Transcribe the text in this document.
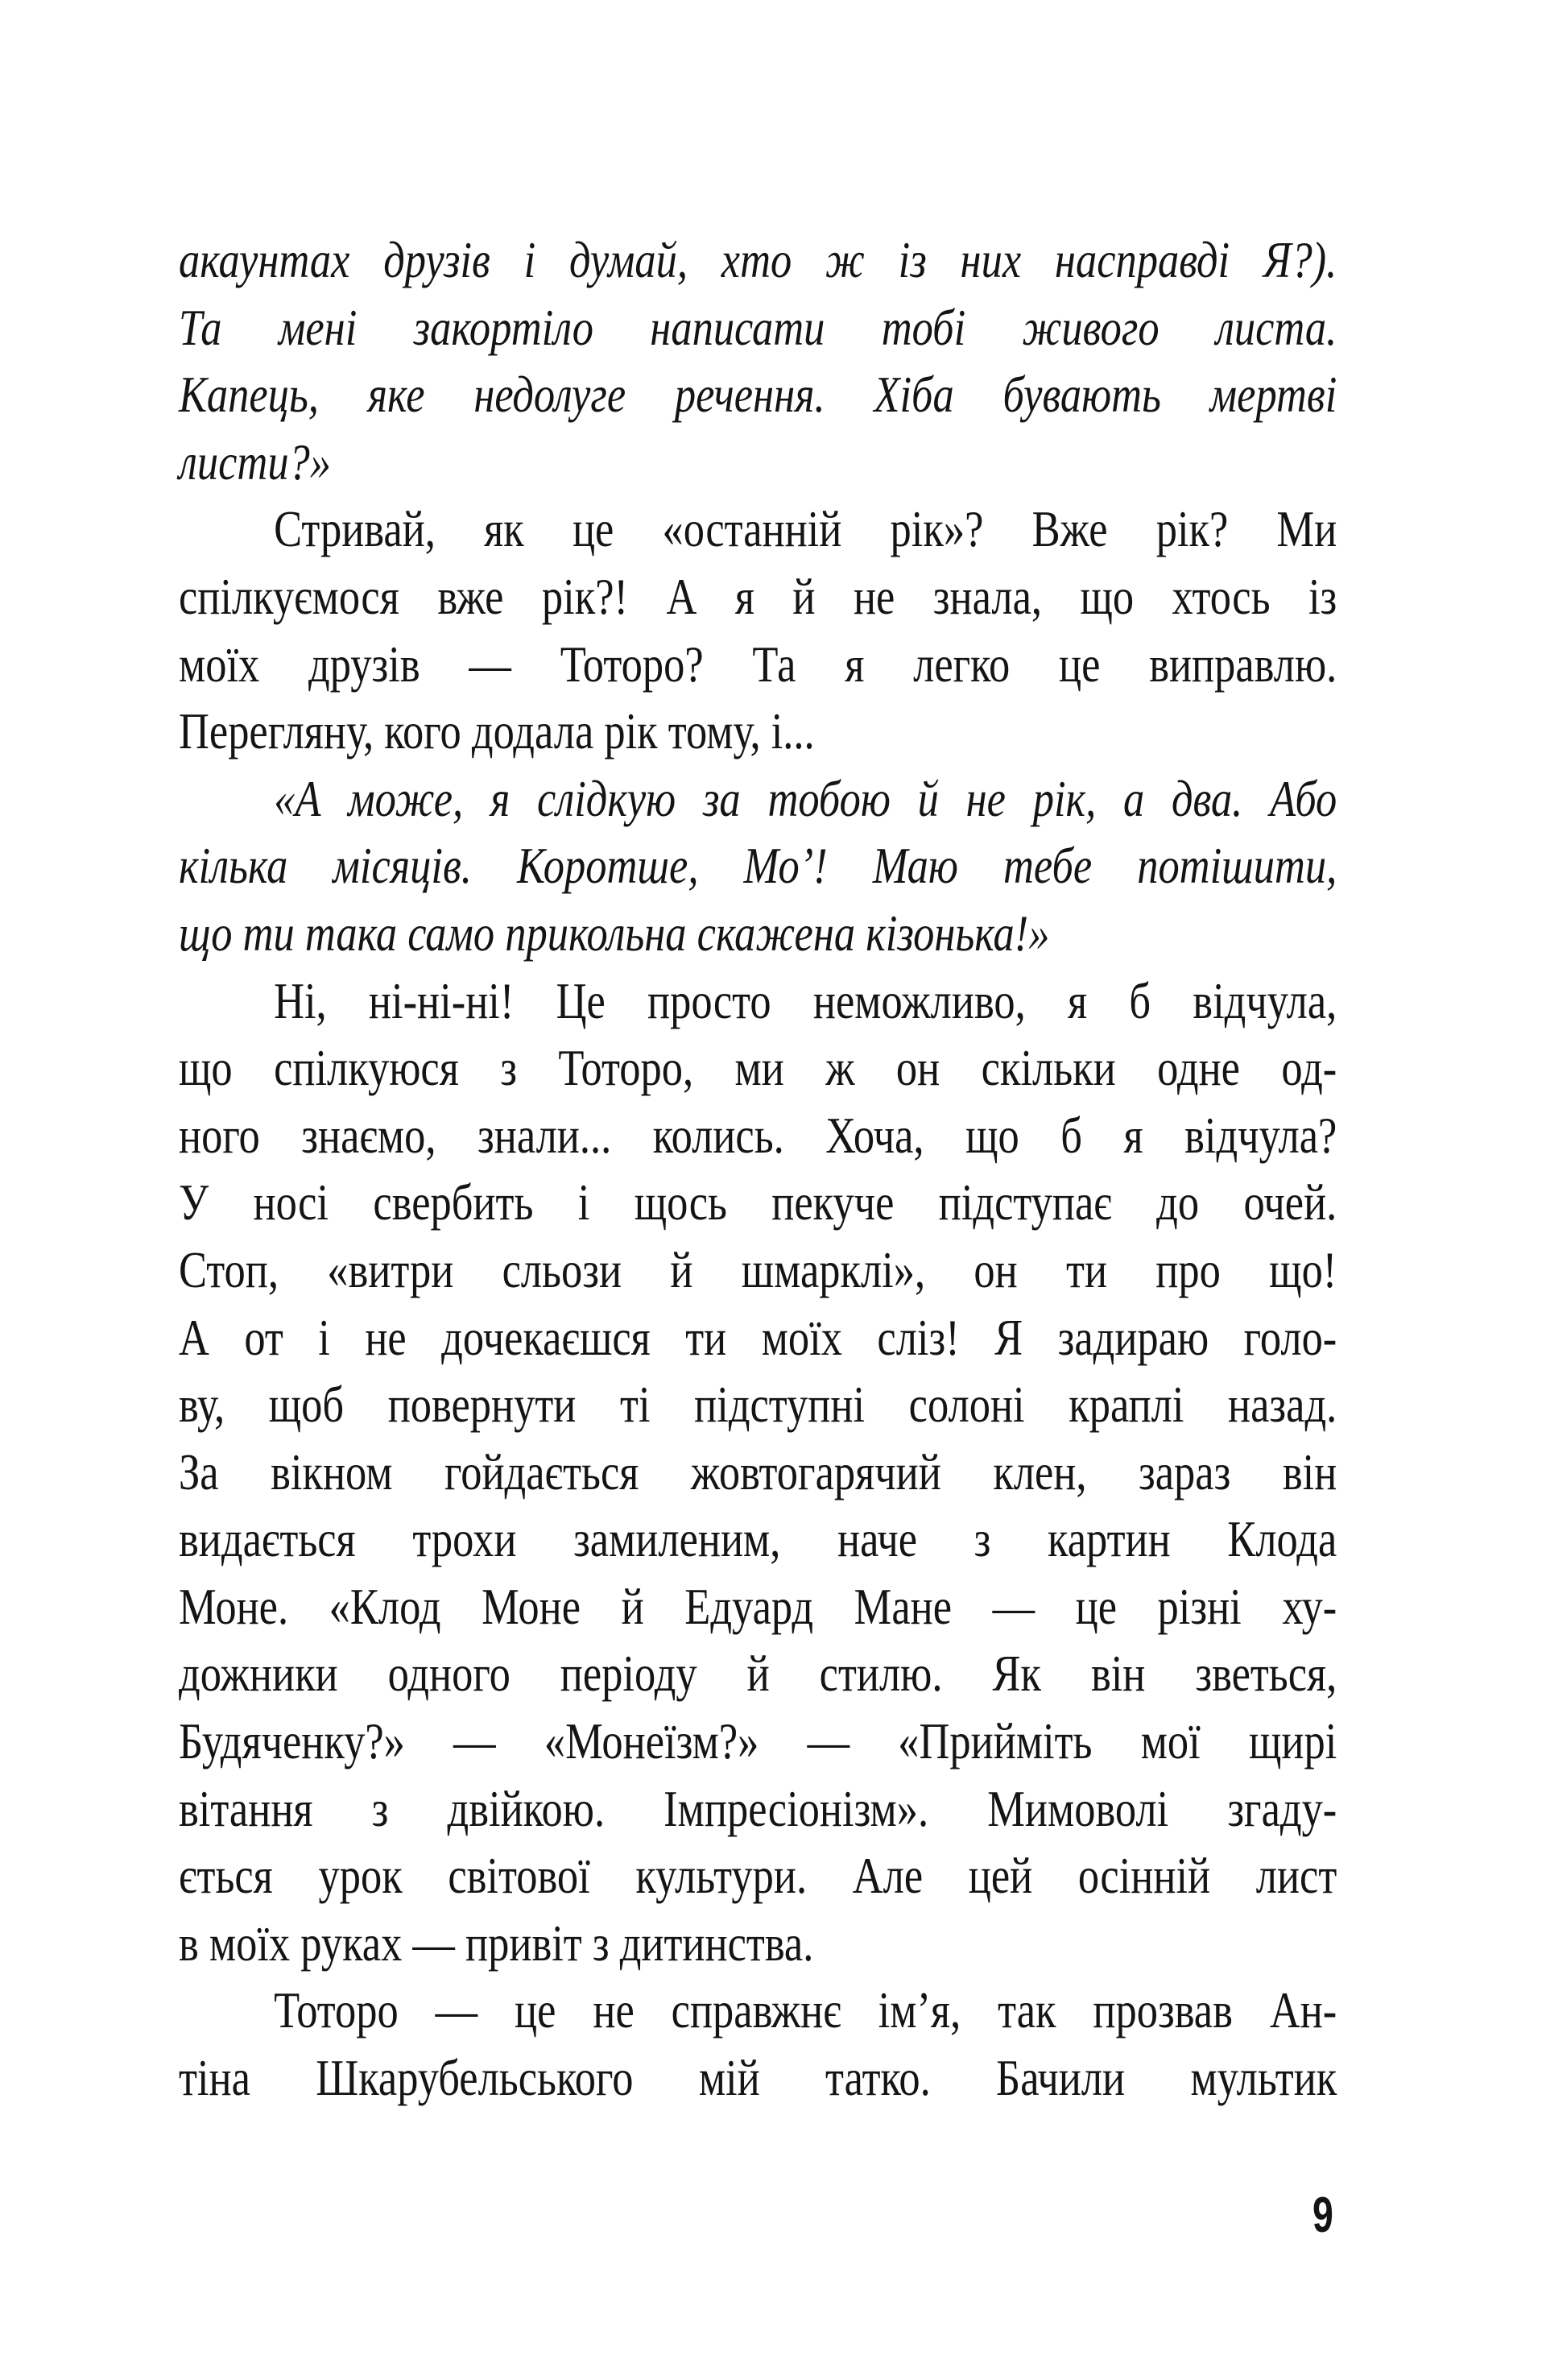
акаунтах друзів і думай, хто ж із них насправді Я?).
Та мені закортіло написати тобі живого листа.
Капець, яке недолуге речення. Хіба бувають мертві
листи?»
Стривай, як це «останній рік»? Вже рік? Ми
спілкуємося вже рік?! А я й не знала, що хтось із
моїх друзів — Тоторо? Та я легко це виправлю.
Перегляну, кого додала рік тому, і...
«А може, я слідкую за тобою й не рік, а два. Або
кілька місяців. Коротше, Мо’! Маю тебе потішити,
що ти така само прикольна скажена кізонька!»
Ні, ні-ні-ні! Це просто неможливо, я б відчула,
що спілкуюся з Тоторо, ми ж он скільки одне од-
ного знаємо, знали... колись. Хоча, що б я відчула?
У носі свербить і щось пекуче підступає до очей.
Стоп, «витри сльози й шмарклі», он ти про що!
А от і не дочекаєшся ти моїх сліз! Я задираю голо-
ву, щоб повернути ті підступні солоні краплі назад.
За вікном гойдається жовтогарячий клен, зараз він
видається трохи замиленим, наче з картин Клода
Моне. «Клод Моне й Едуард Мане — це різні ху-
дожники одного періоду й стилю. Як він зветься,
Будяченку?» — «Монеїзм?» — «Прийміть мої щирі
вітання з двійкою. Імпресіонізм». Мимоволі згаду-
ється урок світової культури. Але цей осінній лист
в моїх руках — привіт з дитинства.
Тоторо — це не справжнє ім’я, так прозвав Ан-
тіна Шкарубельського мій татко. Бачили мультик
9
